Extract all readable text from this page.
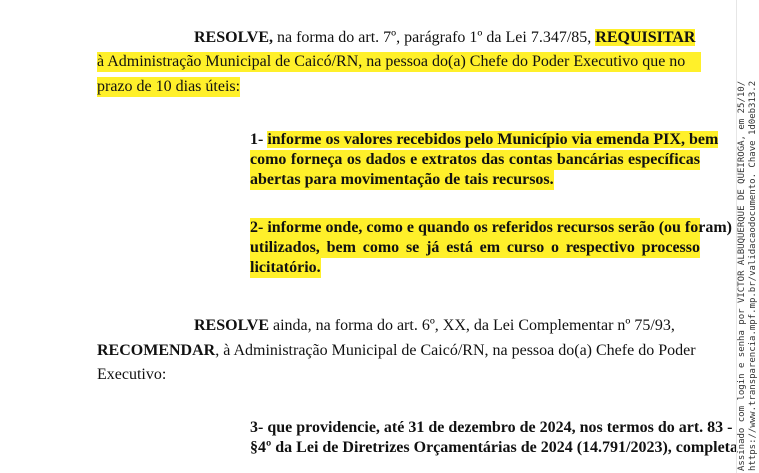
RESOLVE, na forma do art. 7º, parágrafo 1º da Lei 7.347/85, REQUISITAR
à Administração Municipal de Caicó/RN, na pessoa do(a) Chefe do Poder Executivo que no
prazo de 10 dias úteis:
1- informe os valores recebidos pelo Município via emenda PIX, bem
como forneça os dados e extratos das contas bancárias específicas
abertas para movimentação de tais recursos.
2- informe onde, como e quando os referidos recursos serão (ou foram)
utilizados, bem como se já está em curso o respectivo processo
licitatório.
RESOLVE ainda, na forma do art. 6º, XX, da Lei Complementar nº 75/93,
RECOMENDAR, à Administração Municipal de Caicó/RN, na pessoa do(a) Chefe do Poder
Executivo:
3- que providencie, até 31 de dezembro de 2024, nos termos do art. 83 -
§4º da Lei de Diretrizes Orçamentárias de 2024 (14.791/2023), completa Assinado com login e senha por VICTOR ALBUQUERQUE DE QUEIROGA, em 25/10/ https://www.transparencia.mpf.mp.br/validacaodocumento. Chave 1d0eb313.2
